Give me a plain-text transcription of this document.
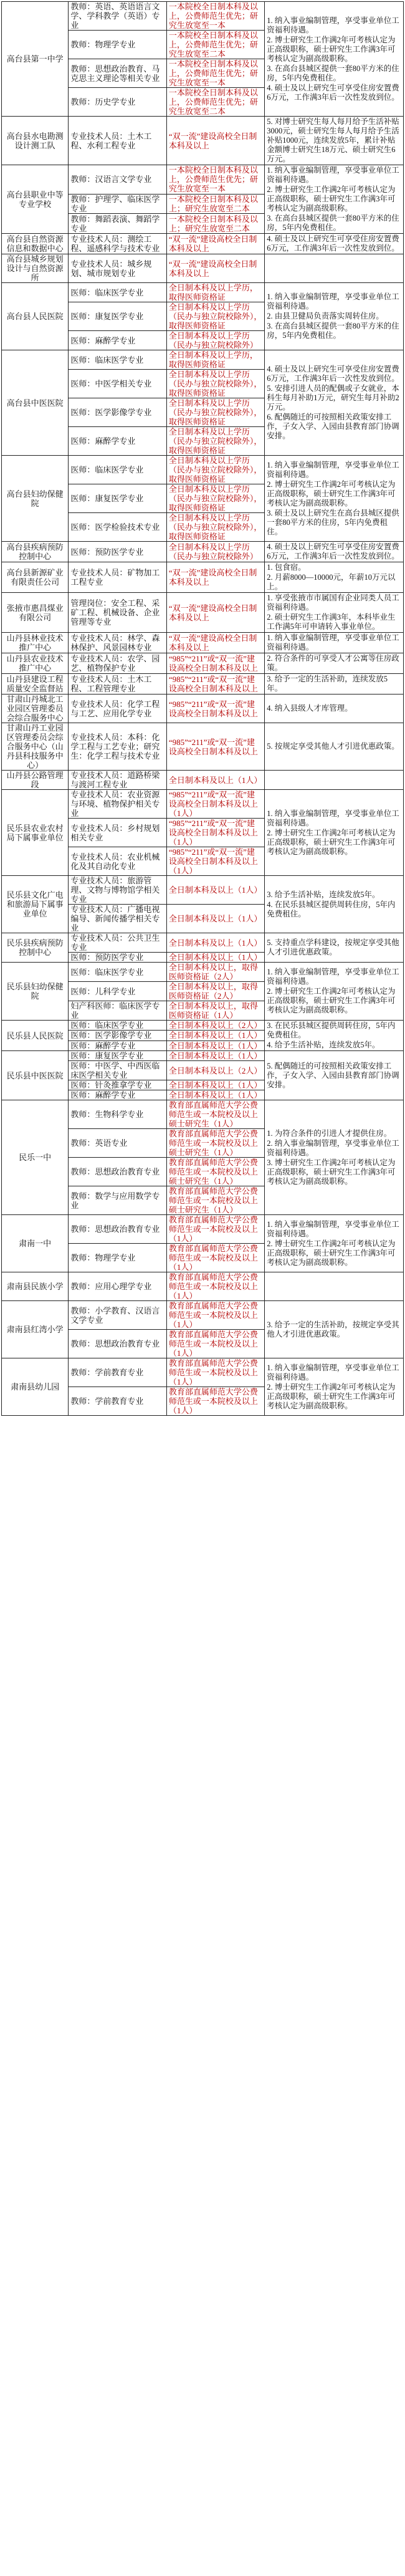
高台县第一中学	教师：英语、英语语言文学、学科教学（英语）专业	一本院校全日制本科及以上，公费师范生优先；研究生放宽至一本	1. 纳入事业编制管理，享受事业单位工资福利待遇。
2. 博士研究生工作满2年可考核认定为正高级职称，硕士研究生工作满3年可考核认定为副高级职称。
3. 在高台县城区提供一套80平方米的住房，5年内免费租住。
4. 硕士及以上研究生可享受住房安置费6万元，工作满3年后一次性发放到位。

	教师：物理学专业	一本院校全日制本科及以上，公费师范生优先；研究生放宽至二本	
	教师：思想政治教育、马克思主义理论等相关专业	一本院校全日制本科及以上，公费师范生优先；研究生放宽至一本	
	教师：历史学专业	一本院校全日制本科及以上，公费师范生优先；研究生放宽至二本	
高台县水电勘测设计测工队	专业技术人员：土木工程、水利工程专业	“双一流”建设高校全日制本科及以上	5. 对博士研究生每人每月给予生活补贴3000元，硕士研究生每人每月给予生活补贴1000元，连续发放5年，累计补贴金额博士研究生18万元、硕士研究生6万元。

高台县职业中等专业学校	教师：汉语言文学专业	一本院校全日制本科及以上，公费师范生优先；研究生放宽至一本	1. 纳入事业编制管理，享受事业单位工资福利待遇。
2. 博士研究生工作满2年可考核认定为正高级职称，硕士研究生工作满3年可考核认定为副高级职称。
3. 在高台县城区提供一套80平方米的住房，5年内免费租住。

	教师：护理学、临床医学专业	一本院校全日制本科及以上；研究生放宽至二本	
	教师：舞蹈表演、舞蹈学专业	一本院校全日制本科及以上；研究生放宽至二本	
高台县自然资源信息和数据中心	专业技术人员：测绘工程、遥感科学与技术专业	“双一流”建设高校全日制本科及以上	4. 硕士及以上研究生可享受住房安置费6万元，工作满3年后一次性发放到位。

高台县城乡规划设计与自然资源所	专业技术人员：城乡规划、城市规划专业	“双一流”建设高校全日制本科及以上	
高台县人民医院	医师：临床医学专业	全日制本科及以上学历，取得医师资格证	1. 纳入事业编制管理，享受事业单位工资福利待遇。
2. 由县卫健局负责落实周转住房。
3. 在高台县城区提供一套80平方米的住房，5年内免费租住。

	医师：康复医学专业	全日制本科及以上学历（民办与独立院校除外），取得医师资格证	
	医师：麻醉学专业	全日制本科及以上学历（民办与独立院校除外）	
高台县中医医院	医师：临床医学专业	全日制本科及以上学历，取得医师资格证	4. 硕士及以上研究生可享受住房安置费6万元，工作满3年后一次性发放到位。
5. 安排引进人员的配偶或子女就业，本科生每月补助1万元，研究生每月补助2万元。
6. 配偶随迁的可按照相关政策安排工作，子女入学、入园由县教育部门协调安排。

	医师：中医学相关专业	全日制本科及以上学历（民办与独立院校除外），取得医师资格证	
	医师：医学影像学专业	全日制本科及以上学历（民办与独立院校除外），取得医师资格证	
	医师：麻醉学专业	全日制本科及以上学历（民办与独立院校除外），取得医师资格证	
高台县妇幼保健院	医师：临床医学专业	全日制本科及以上学历（民办与独立院校除外），取得医师资格证	1. 纳入事业编制管理，享受事业单位工资福利待遇。
2. 博士研究生工作满2年可考核认定为正高级职称，硕士研究生工作满3年可考核认定为副高级职称。
3. 硕士及以上研究生在高台县城区提供一套80平方米的住房，5年内免费租住。

	医师：康复医学专业	全日制本科及以上学历（民办与独立院校除外），取得医师资格证	
	医师：医学检验技术专业	全日制本科及以上学历（民办与独立院校除外），取得医师资格证	
高台县疾病预防控制中心	医师：预防医学专业	全日制本科及以上学历（民办与独立院校除外）	4. 硕士及以上研究生可享受住房安置费6万元，工作满3年后一次性发放到位。

高台县新源矿业有限责任公司	专业技术人员：矿物加工工程专业	“双一流”建设高校全日制本科及以上	1. 包食宿。
2. 月薪8000—10000元，年薪10万元以上。

张掖市惠昌煤业有限公司	管理岗位：安全工程、采矿工程、机械设备、企业管理等专业	“双一流”建设高校全日制本科及以上	1. 享受张掖市市属国有企业同类人员工资福利待遇。
2. 硕士研究生工作满3年，本科毕业生工作满5年可申请转入事业单位。

山丹县林业技术推广中心	专业技术人员：林学、森林保护、风景园林专业	“双一流”建设高校全日制本科及以上	1. 纳入事业编制管理，享受事业单位工资福利待遇。

山丹县农业技术推广中心	专业技术人员：农学、园艺、植物保护专业	“985”“211”或“双一流”建设高校全日制本科及以上	2. 符合条件的可享受人才公寓等住房政策。

山丹县建设工程质量安全监督站	专业技术人员：土木工程、工程管理专业	“985”“211”或“双一流”建设高校全日制本科及以上	3. 给予一定的生活补助，连续发放5年。

甘肃山丹城北工业园区管理委员会综合服务中心	专业技术人员：化学工程与工艺、应用化学专业	“985”“211”或“双一流”建设高校全日制本科及以上	4. 纳入县级人才库管理。

甘肃山丹工业园区管理委员会综合服务中心（山丹县科技服务中心）	专业技术人员：本科：化学工程与工艺专业；研究生：化学工程与技术专业	“985”“211”或“双一流”建设高校全日制本科及以上	5. 按规定享受其他人才引进优惠政策。

山丹县公路管理段	专业技术人员：道路桥梁与渡河工程专业	全日制本科及以上（1人）	
民乐县农业农村局下属事业单位	专业技术人员：农业资源与环境、植物保护相关专业	“985”“211”或“双一流”建设高校全日制本科及以上（1人）	1. 纳入事业编制管理，享受事业单位工资福利待遇。
2. 博士研究生工作满2年可考核认定为正高级职称，硕士研究生工作满3年可考核认定为副高级职称。

	专业技术人员：乡村规划相关专业	“985”“211”或“双一流”建设高校全日制本科及以上（1人）	
	专业技术人员：农业机械化及其自动化专业	“985”“211”或“双一流”建设高校全日制本科及以上（1人）	
民乐县文化广电和旅游局下属事业单位	专业技术人员：旅游管理、文物与博物馆学相关专业	全日制本科及以上（1人）	3. 给予生活补贴，连续发放5年。
4. 在民乐县城区提供周转住房，5年内免费租住。

	专业技术人员：广播电视编导、新闻传播学相关专业	全日制本科及以上（1人）	
民乐县疾病预防控制中心	专业技术人员：公共卫生专业	全日制本科及以上（1人）	5. 支持重点学科建设，按规定享受其他人才引进优惠政策。

	医师：预防医学专业	全日制本科及以上（1人）	
民乐县妇幼保健院	医师：临床医学专业	全日制本科及以上，取得医师资格证（2人）	1. 纳入事业编制管理，享受事业单位工资福利待遇。
2. 博士研究生工作满2年可考核认定为正高级职称，硕士研究生工作满3年可考核认定为副高级职称。

	医师：儿科学专业	全日制本科及以上，取得医师资格证（2人）	
	妇产科医师：临床医学专业	全日制本科及以上，取得医师资格证（1人）	
民乐县人民医院	医师：临床医学专业	全日制本科及以上（2人）	3. 在民乐县城区提供周转住房，5年内免费租住。
4. 给予生活补贴，连续发放5年。

	医师：医学影像学专业	全日制本科及以上（1人）	
	医师：麻醉学专业	全日制本科及以上（1人）	
民乐县中医医院	医师：康复医学专业	全日制本科及以上（1人）	5. 配偶随迁的可按照相关政策安排工作，子女入学、入园由县教育部门协调安排。

	医师：中医学、中西医临床医学相关专业	全日制本科及以上（2人）	
	医师：针灸推拿学专业	全日制本科及以上（1人）	
	医师：麻醉学专业	全日制本科及以上（1人）	
民乐一中	教师：生物科学专业	教育部直属师范大学公费师范生或一本院校及以上硕士研究生（1人）	1. 为符合条件的引进人才提供住房。
2. 纳入事业编制管理，享受事业单位工资福利待遇。
3. 博士研究生工作满2年可考核认定为正高级职称，硕士研究生工作满3年可考核认定为副高级职称。

	教师：英语专业	教育部直属师范大学公费师范生或一本院校及以上硕士研究生（1人）	
	教师：思想政治教育专业	教育部直属师范大学公费师范生或一本院校及以上硕士研究生（1人）	
	教师：数学与应用数学专业	教育部直属师范大学公费师范生或一本院校及以上硕士研究生（1人）	
肃南一中	教师：思想政治教育专业	教育部直属师范大学公费师范生或一本院校及以上（1人）	1. 纳入事业编制管理，享受事业单位工资福利待遇。
2. 博士研究生工作满2年可考核认定为正高级职称，硕士研究生工作满3年可考核认定为副高级职称。

	教师：物理学专业	教育部直属师范大学公费师范生或一本院校及以上（1人）	
肃南县民族小学	教师：应用心理学专业	教育部直属师范大学公费师范生或一本院校及以上（1人）	
肃南县红湾小学	教师：小学教育、汉语言文学专业	教育部直属师范大学公费师范生或一本院校及以上（1人）	3. 给予一定的生活补助，按规定享受其他人才引进优惠政策。

	教师：思想政治教育专业	教育部直属师范大学公费师范生或一本院校及以上（1人）	
肃南县幼儿园	教师：学前教育专业	教育部直属师范大学公费师范生或一本院校及以上（1人）	1. 纳入事业编制管理，享受事业单位工资福利待遇。
2. 博士研究生工作满2年可考核认定为正高级职称，硕士研究生工作满3年可考核认定为副高级职称。

	教师：学前教育专业	教育部直属师范大学公费师范生或一本院校及以上（1人）	
